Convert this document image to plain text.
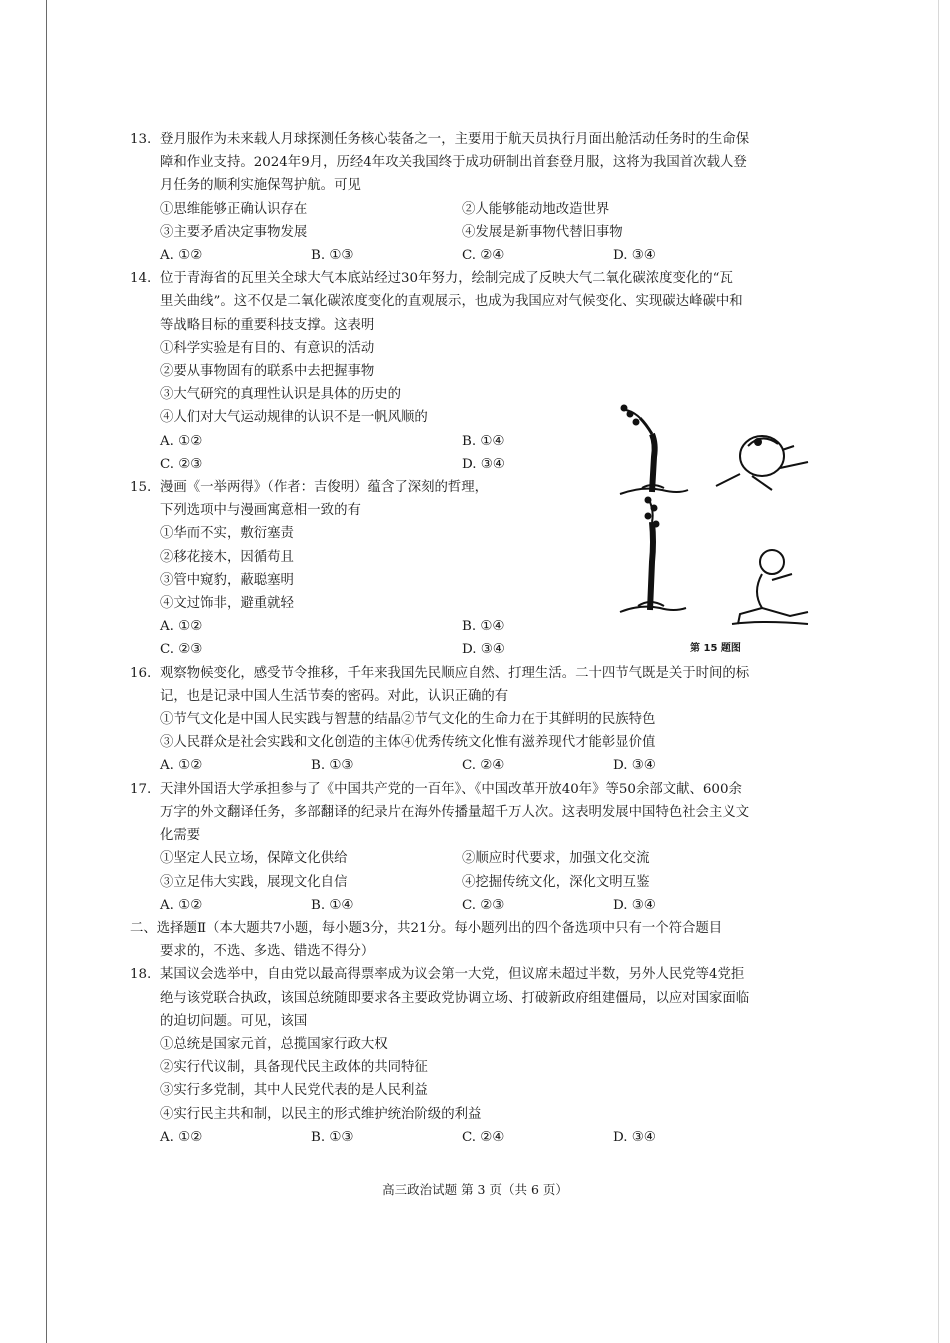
13. 登月服作为未来载人月球探测任务核心装备之一，主要用于航天员执行月面出舱活动任务时的生命保
障和作业支持。2024年9月，历经4年攻关我国终于成功研制出首套登月服，这将为我国首次载人登
月任务的顺利实施保驾护航。可见
①思维能够正确认识存在	②人能够能动地改造世界
③主要矛盾决定事物发展	④发展是新事物代替旧事物
A. ①②	B. ①③	C. ②④	D. ③④
14. 位于青海省的瓦里关全球大气本底站经过30年努力，绘制完成了反映大气二氧化碳浓度变化的“瓦
里关曲线”。这不仅是二氧化碳浓度变化的直观展示，也成为我国应对气候变化、实现碳达峰碳中和
等战略目标的重要科技支撑。这表明
①科学实验是有目的、有意识的活动
②要从事物固有的联系中去把握事物
③大气研究的真理性认识是具体的历史的
④人们对大气运动规律的认识不是一帆风顺的
A. ①②	B. ①④
C. ②③	D. ③④
15. 漫画《一举两得》（作者：吉俊明）蕴含了深刻的哲理，
下列选项中与漫画寓意相一致的有
①华而不实，敷衍塞责
②移花接木，因循苟且
③管中窥豹，蔽聪塞明
④文过饰非，避重就轻
A. ①②	B. ①④
C. ②③	D. ③④
16. 观察物候变化，感受节令推移，千年来我国先民顺应自然、打理生活。二十四节气既是关于时间的标
记，也是记录中国人生活节奏的密码。对此，认识正确的有
①节气文化是中国人民实践与智慧的结晶②节气文化的生命力在于其鲜明的民族特色
③人民群众是社会实践和文化创造的主体④优秀传统文化惟有滋养现代才能彰显价值
A. ①②	B. ①③	C. ②④	D. ③④
17. 天津外国语大学承担参与了《中国共产党的一百年》、《中国改革开放40年》等50余部文献、600余
万字的外文翻译任务，多部翻译的纪录片在海外传播量超千万人次。这表明发展中国特色社会主义文
化需要
①坚定人民立场，保障文化供给	②顺应时代要求，加强文化交流
③立足伟大实践，展现文化自信	④挖掘传统文化，深化文明互鉴
A. ①②	B. ①④	C. ②③	D. ③④
二、选择题Ⅱ（本大题共7小题，每小题3分，共21分。每小题列出的四个备选项中只有一个符合题目
要求的，不选、多选、错选不得分）
18. 某国议会选举中，自由党以最高得票率成为议会第一大党，但议席未超过半数，另外人民党等4党拒
绝与该党联合执政，该国总统随即要求各主要政党协调立场、打破新政府组建僵局，以应对国家面临
的迫切问题。可见，该国
①总统是国家元首，总揽国家行政大权
②实行代议制，具备现代民主政体的共同特征
③实行多党制，其中人民党代表的是人民利益
④实行民主共和制，以民主的形式维护统治阶级的利益
A. ①②	B. ①③	C. ②④	D. ③④
第 15 题图
高三政治试题 第 3 页（共 6 页）
